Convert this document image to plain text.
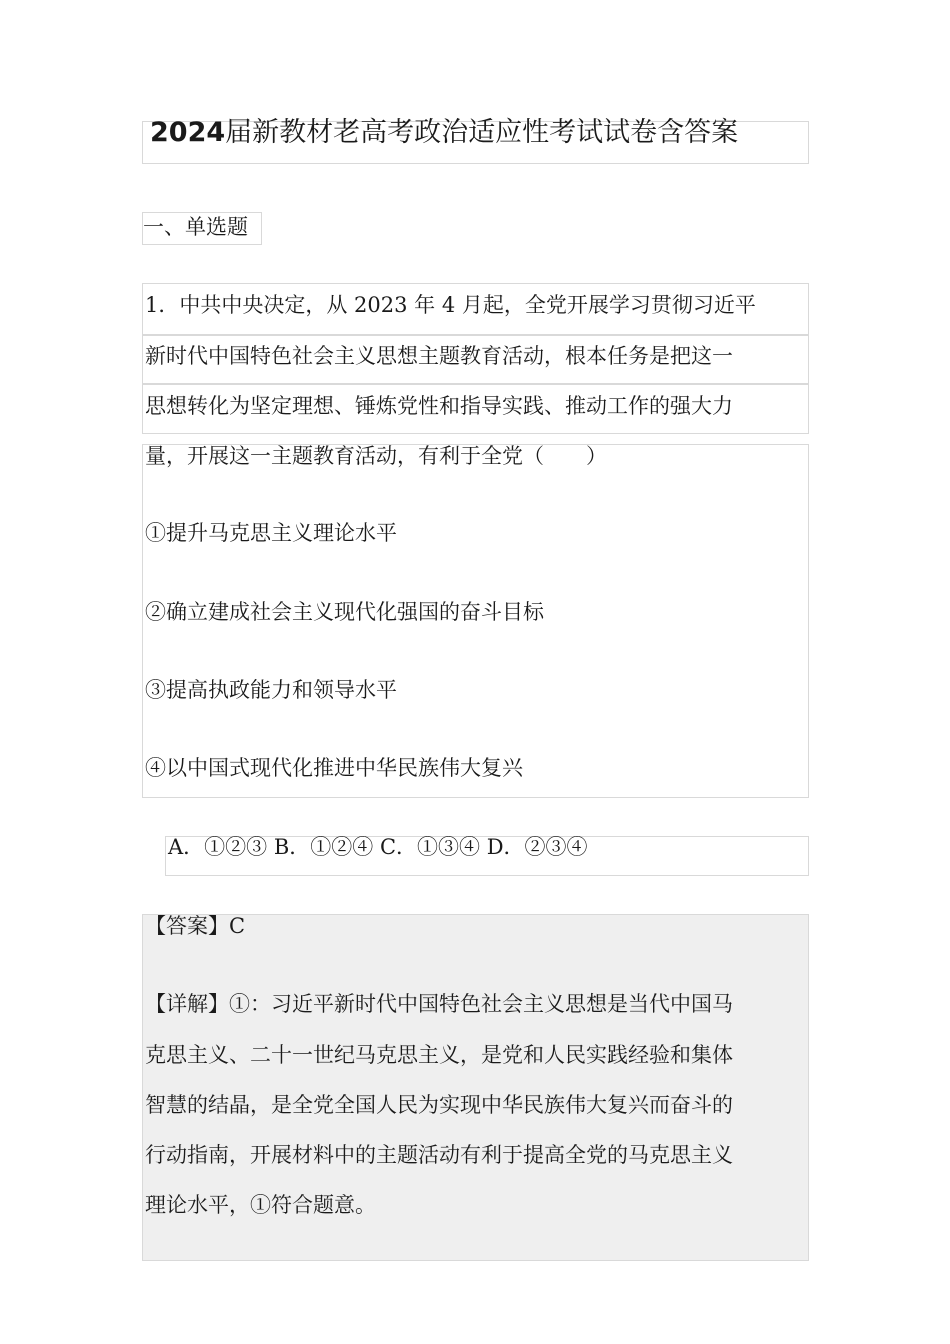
2024届新教材老高考政治适应性考试试卷含答案
一、单选题
1．中共中央决定，从 2023 年 4 月起，全党开展学习贯彻习近平
新时代中国特色社会主义思想主题教育活动，根本任务是把这一
思想转化为坚定理想、锤炼党性和指导实践、推动工作的强大力
量，开展这一主题教育活动，有利于全党（　　）
①提升马克思主义理论水平
②确立建成社会主义现代化强国的奋斗目标
③提高执政能力和领导水平
④以中国式现代化推进中华民族伟大复兴
A．①②③ B．①②④ C．①③④ D．②③④
【答案】C
【详解】①：习近平新时代中国特色社会主义思想是当代中国马
克思主义、二十一世纪马克思主义，是党和人民实践经验和集体
智慧的结晶，是全党全国人民为实现中华民族伟大复兴而奋斗的
行动指南，开展材料中的主题活动有利于提高全党的马克思主义
理论水平，①符合题意。
